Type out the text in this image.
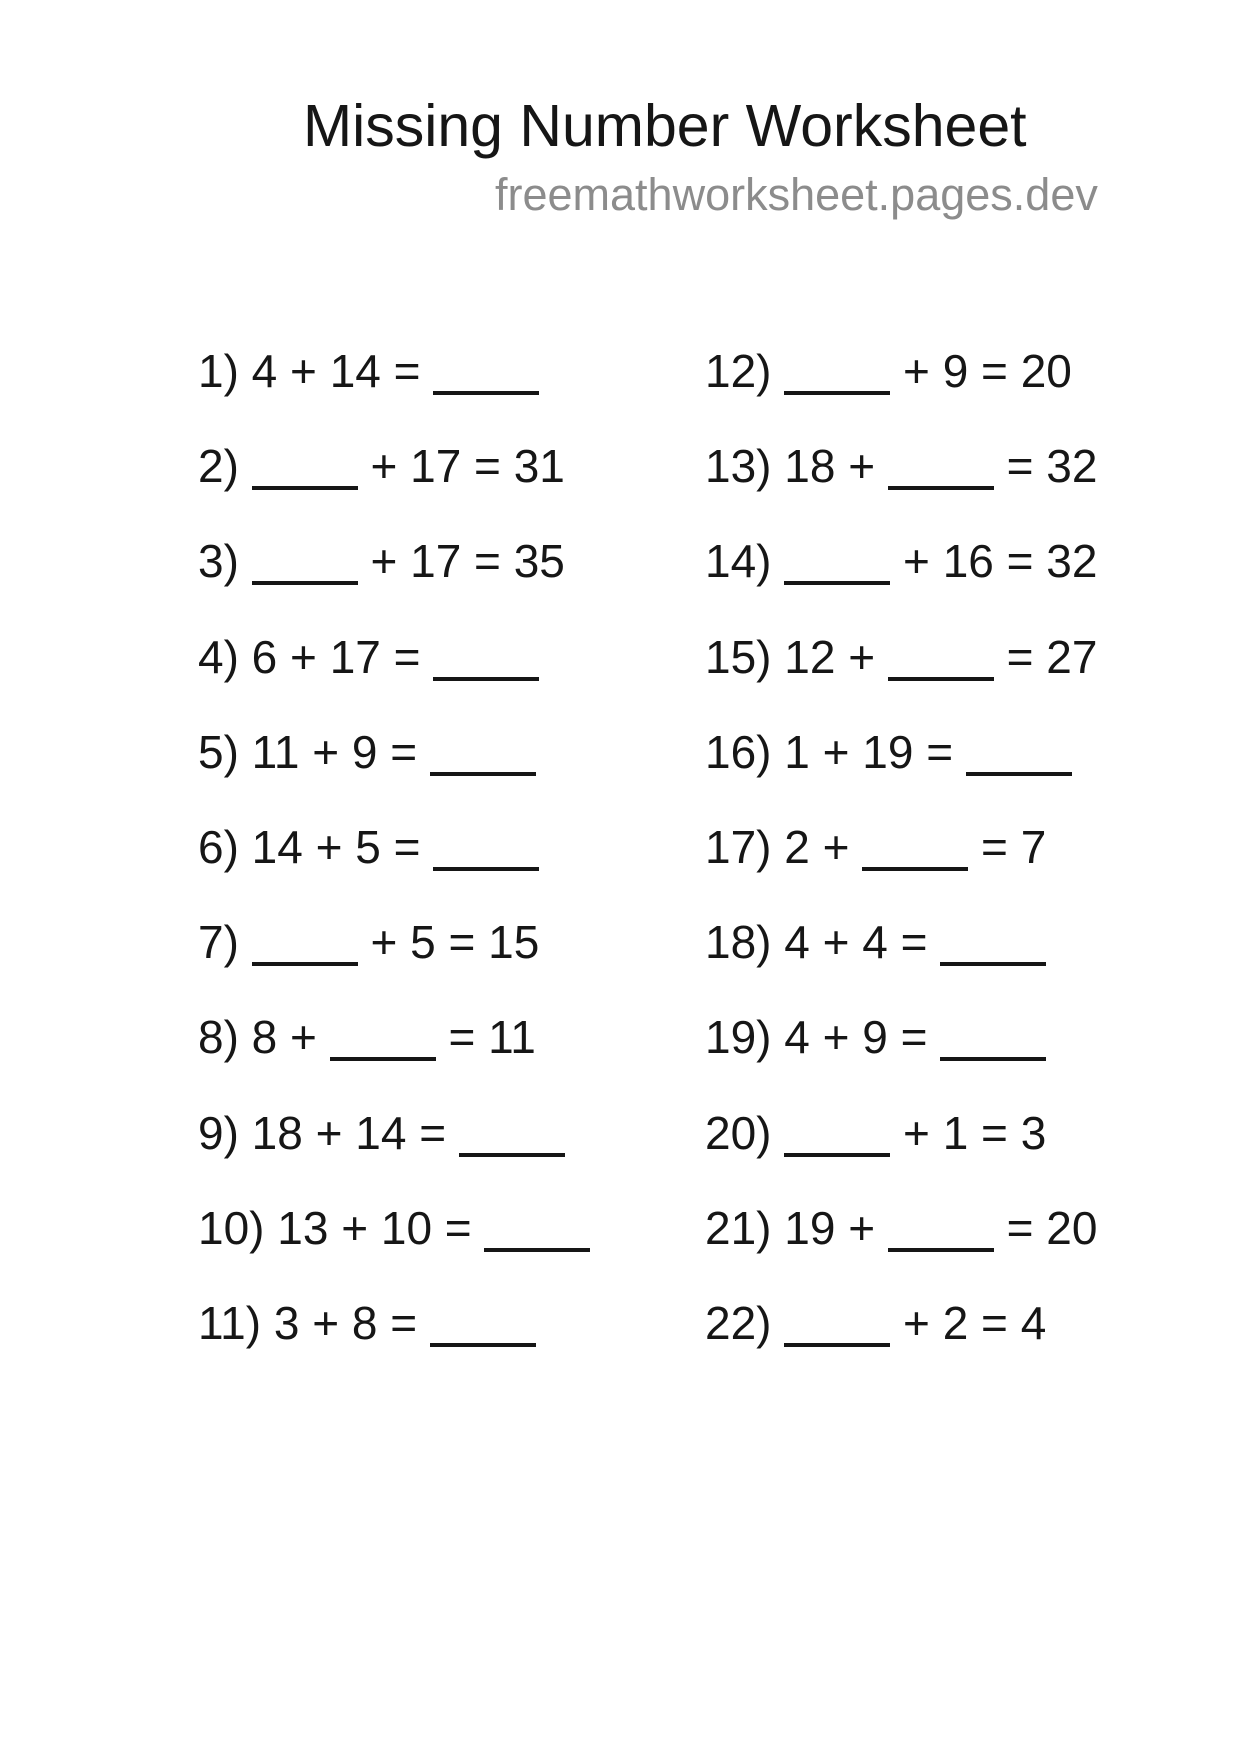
Missing Number Worksheet
freemathworksheet.pages.dev
1) 4 + 14 =
2)	+ 17 = 31
3)	+ 17 = 35
4) 6 + 17 =
5) 11 + 9 =
6) 14 + 5 =
7)	+ 5 = 15
8) 8 +  = 11
9) 18 + 14 =
10) 13 + 10 =
11) 3 + 8 =
12)	+ 9 = 20
13) 18 +  = 32
14)	+ 16 = 32
15) 12 +  = 27
16) 1 + 19 =
17) 2 +  = 7
18) 4 + 4 =
19) 4 + 9 =
20)	+ 1 = 3
21) 19 +  = 20
22)	+ 2 = 4
